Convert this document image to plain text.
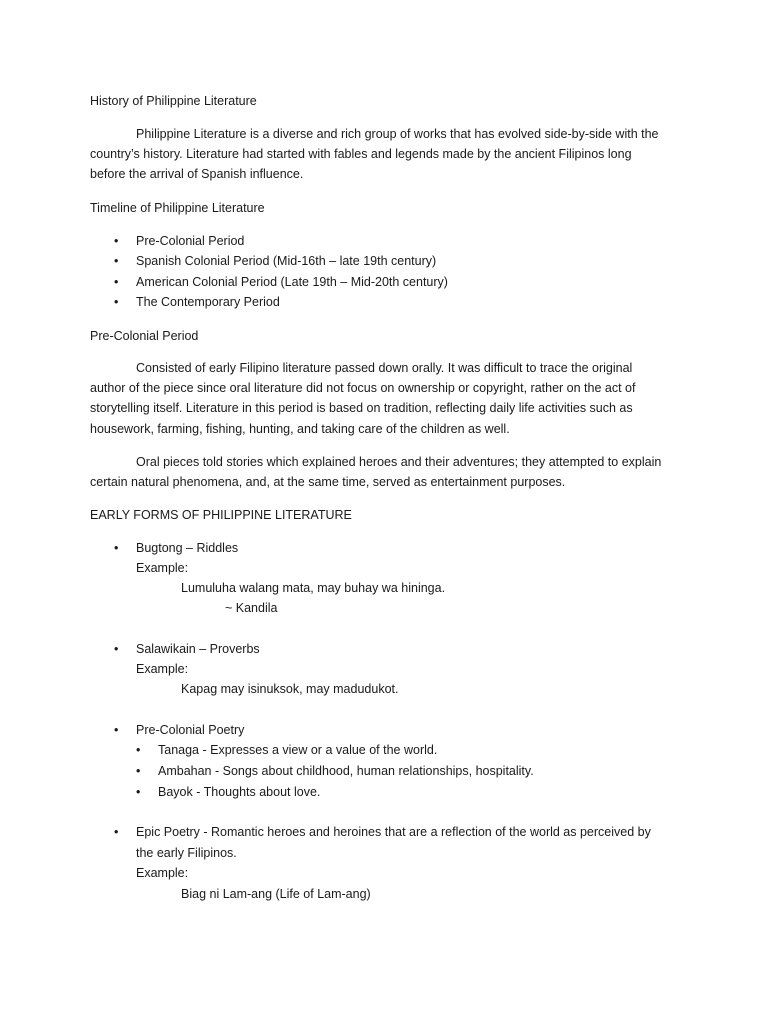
History of Philippine Literature
Philippine Literature is a diverse and rich group of works that has evolved side-by-side with the
country’s history. Literature had started with fables and legends made by the ancient Filipinos long
before the arrival of Spanish influence.
Timeline of Philippine Literature
• Pre-Colonial Period
• Spanish Colonial Period (Mid-16th – late 19th century)
• American Colonial Period (Late 19th – Mid-20th century)
• The Contemporary Period
Pre-Colonial Period
Consisted of early Filipino literature passed down orally. It was difficult to trace the original
author of the piece since oral literature did not focus on ownership or copyright, rather on the act of
storytelling itself. Literature in this period is based on tradition, reflecting daily life activities such as
housework, farming, fishing, hunting, and taking care of the children as well.
Oral pieces told stories which explained heroes and their adventures; they attempted to explain
certain natural phenomena, and, at the same time, served as entertainment purposes.
EARLY FORMS OF PHILIPPINE LITERATURE
• Bugtong – Riddles
Example:
Lumuluha walang mata, may buhay wa hininga.
~ Kandila
• Salawikain – Proverbs
Example:
Kapag may isinuksok, may madudukot.
• Pre-Colonial Poetry
• Tanaga - Expresses a view or a value of the world.
• Ambahan - Songs about childhood, human relationships, hospitality.
• Bayok - Thoughts about love.
• Epic Poetry - Romantic heroes and heroines that are a reflection of the world as perceived by
the early Filipinos.
Example:
Biag ni Lam-ang (Life of Lam-ang)
